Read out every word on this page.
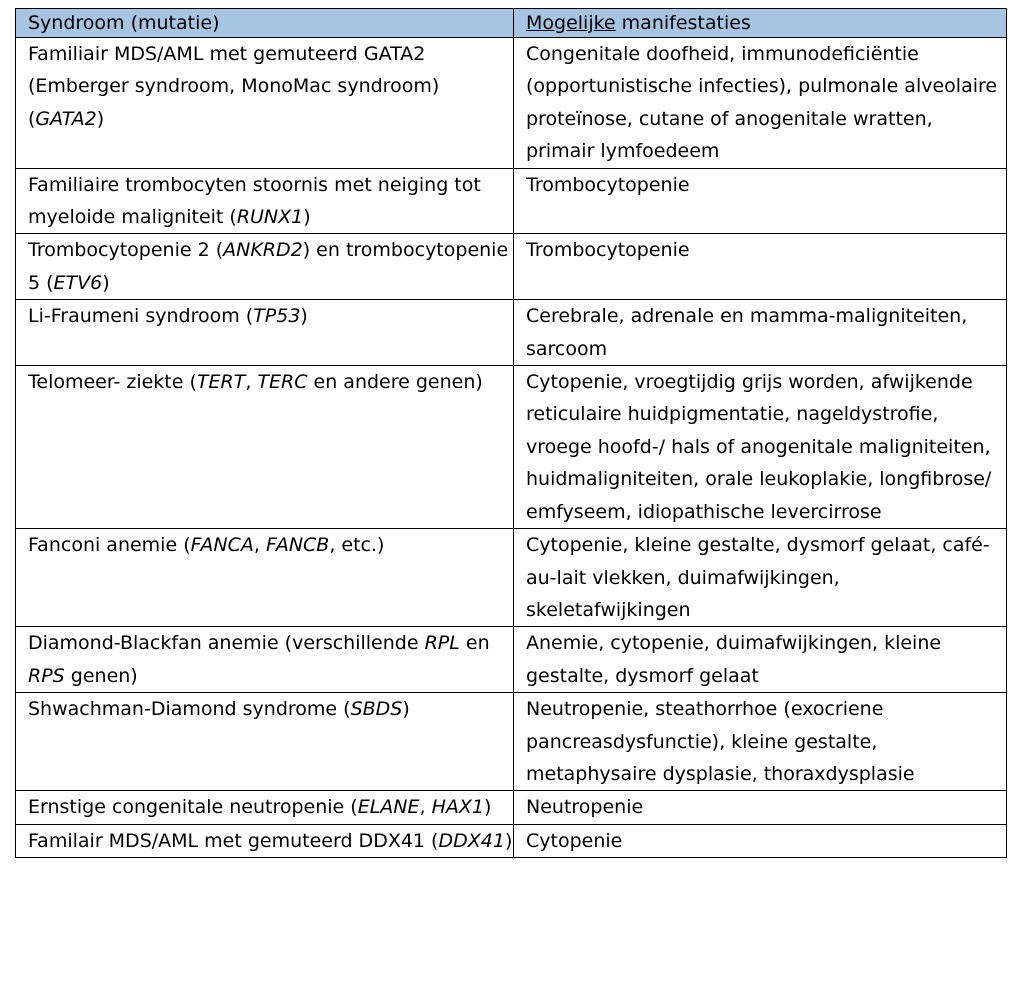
Syndroom (mutatie)	Mogelijke manifestaties
Familiair MDS/AML met gemuteerd GATA2 (Emberger syndroom, MonoMac syndroom) (GATA2)	Congenitale doofheid, immunodeficiëntie (opportunistische infecties), pulmonale alveolaire proteïnose, cutane of anogenitale wratten, primair lymfoedeem
Familiaire trombocyten stoornis met neiging tot myeloide maligniteit (RUNX1)	Trombocytopenie
Trombocytopenie 2 (ANKRD2) en trombocytopenie 5 (ETV6)	Trombocytopenie
Li-Fraumeni syndroom (TP53)	Cerebrale, adrenale en mamma-maligniteiten, sarcoom
Telomeer- ziekte (TERT, TERC en andere genen)	Cytopenie, vroegtijdig grijs worden, afwijkende reticulaire huidpigmentatie, nageldystrofie, vroege hoofd-/ hals of anogenitale maligniteiten, huidmaligniteiten, orale leukoplakie, longfibrose/ emfyseem, idiopathische levercirrose
Fanconi anemie (FANCA, FANCB, etc.)	Cytopenie, kleine gestalte, dysmorf gelaat, café-au-lait vlekken, duimafwijkingen, skeletafwijkingen
Diamond-Blackfan anemie (verschillende RPL en RPS genen)	Anemie, cytopenie, duimafwijkingen, kleine gestalte, dysmorf gelaat
Shwachman-Diamond syndrome (SBDS)	Neutropenie, steathorrhoe (exocriene pancreasdysfunctie), kleine gestalte, metaphysaire dysplasie, thoraxdysplasie
Ernstige congenitale neutropenie (ELANE, HAX1)	Neutropenie
Familair MDS/AML met gemuteerd DDX41 (DDX41)	Cytopenie
